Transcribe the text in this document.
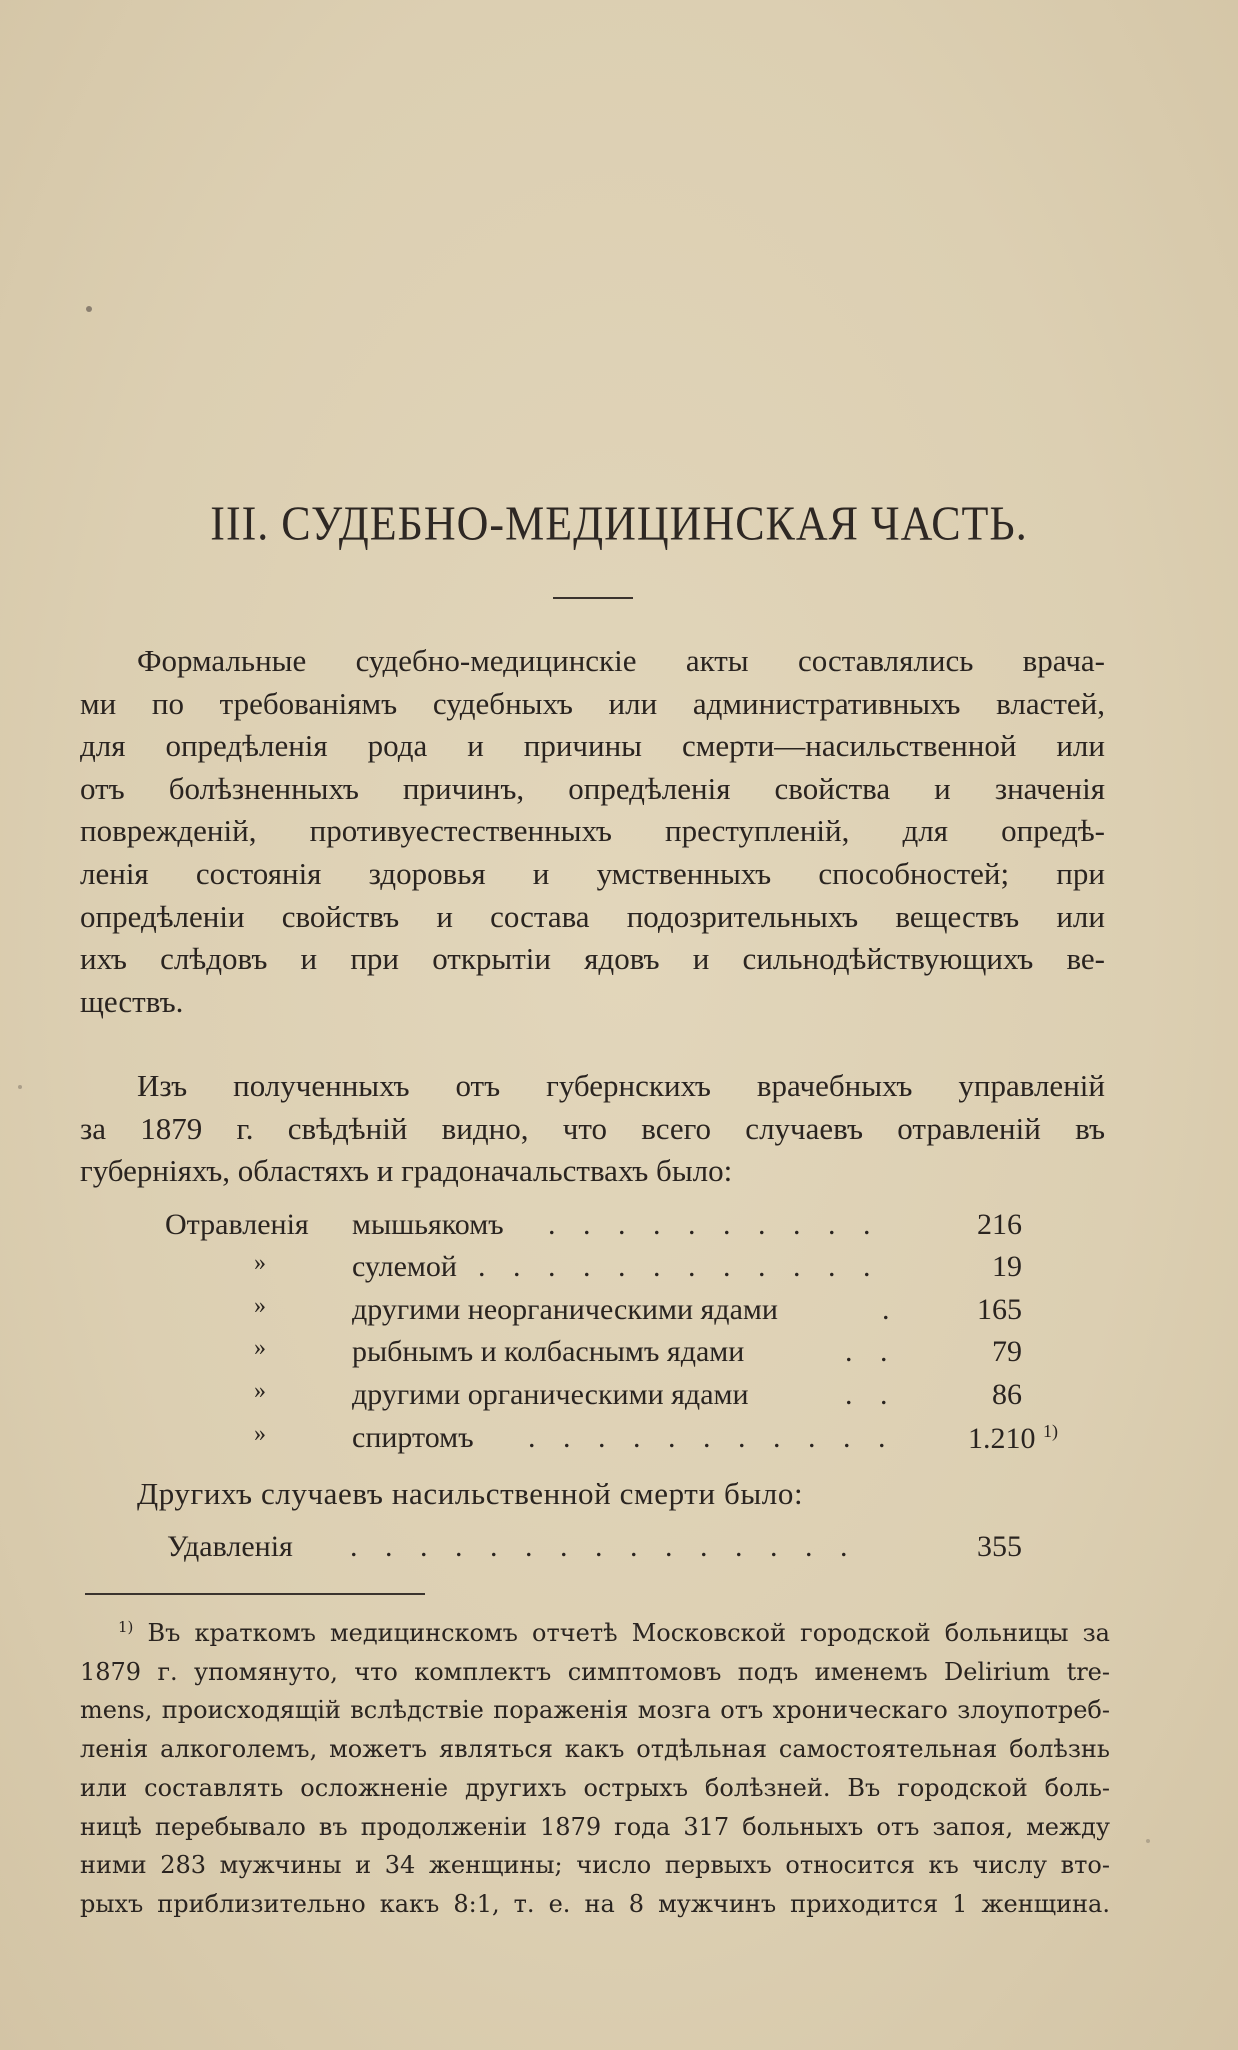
III. СУДЕБНО-МЕДИЦИНСКАЯ ЧАСТЬ.
Формальные судебно-медицинскіе акты составлялись врача-
ми по требованіямъ судебныхъ или административныхъ властей,
для опредѣленія рода и причины смерти—насильственной или
отъ болѣзненныхъ причинъ, опредѣленія свойства и значенія
поврежденій, противуестественныхъ преступленій, для опредѣ-
ленія состоянія здоровья и умственныхъ способностей; при
опредѣленіи свойствъ и состава подозрительныхъ веществъ или
ихъ слѣдовъ и при открытіи ядовъ и сильнодѣйствующихъ ве-
ществъ.
Изъ полученныхъ отъ губернскихъ врачебныхъ управленій
за 1879 г. свѣдѣній видно, что всего случаевъ отравленій въ
губерніяхъ, областяхъ и градоначальствахъ было:
Отравленія мышьякомъ . . . . . . . . . .	216
»	сулемой . . . . . . . . . . . .	19
»	другими неорганическими ядами	.	165
»	рыбнымъ и колбаснымъ ядами	. .	79
»	другими органическими ядами	. .	86
»	спиртомъ . . . . . . . . . . . 1.210 $^{1)}$
Другихъ случаевъ насильственной смерти было:
Удавленія . . . . . . . . . . . . . . .	355
$^{1)}$ Въ краткомъ медицинскомъ отчетѣ Московской городской больницы за
1879 г. упомянуто, что комплектъ симптомовъ подъ именемъ Delirium tre-
mens, происходящій вслѣдствіе пораженія мозга отъ хроническаго злоупотреб-
ленія алкоголемъ, можетъ являться какъ отдѣльная самостоятельная болѣзнь
или составлять осложненіе другихъ острыхъ болѣзней. Въ городской боль-
ницѣ перебывало въ продолженіи 1879 года 317 больныхъ отъ запоя, между
ними 283 мужчины и 34 женщины; число первыхъ относится къ числу вто-
рыхъ приблизительно какъ 8:1, т. е. на 8 мужчинъ приходится 1 женщина.
